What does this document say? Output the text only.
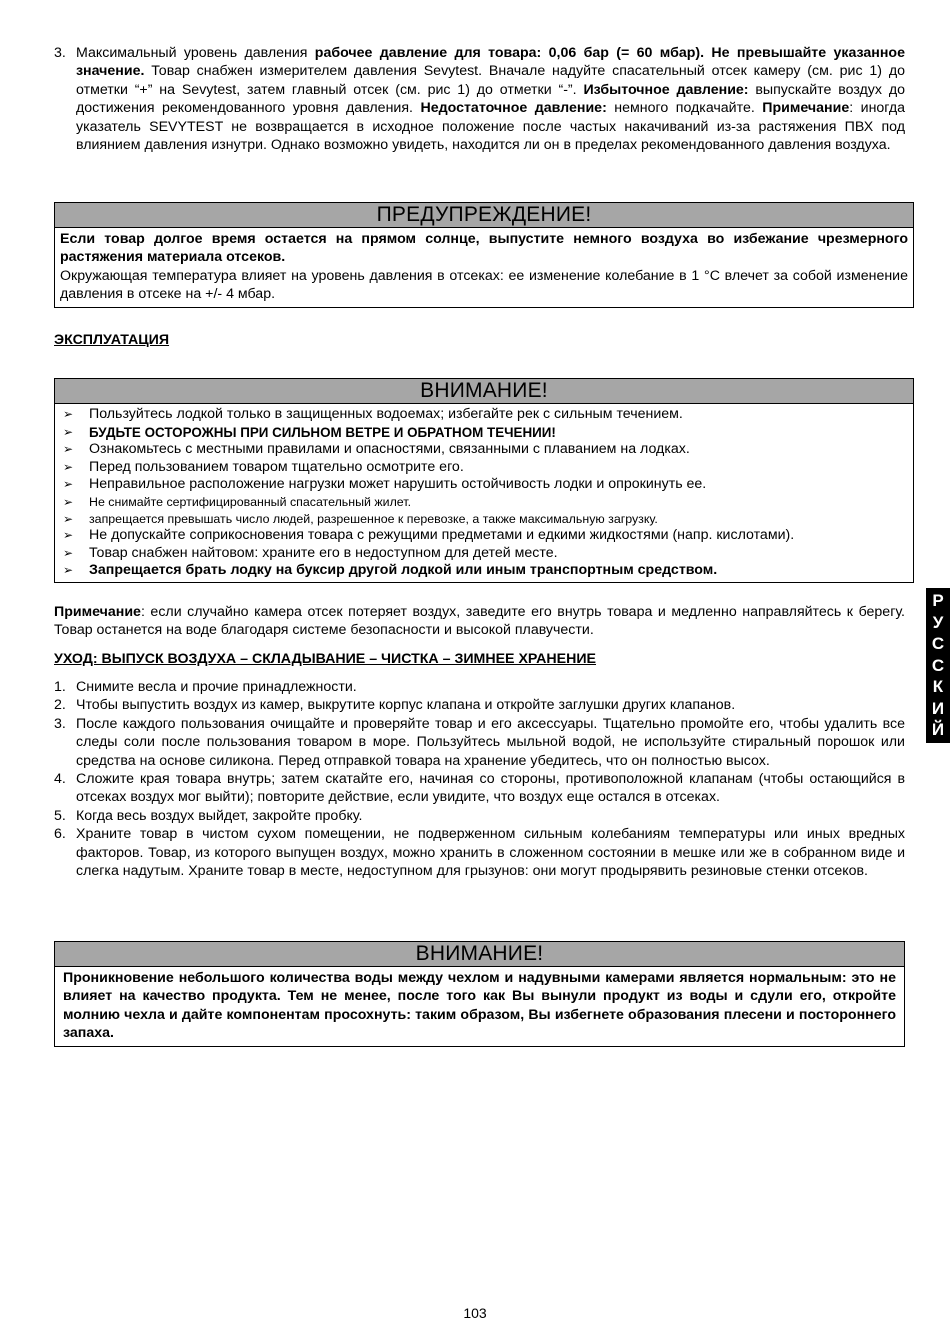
3. Максимальный уровень давления рабочее давление для товара: 0,06 бар (= 60 мбар). Не превышайте указанное значение. Товар снабжен измерителем давления Sevytest. Вначале надуйте спасательный отсек камеру (см. рис 1) до отметки “+” на Sevytest, затем главный отсек (см. рис 1) до отметки “-”. Избыточное давление: выпускайте воздух до достижения рекомендованного уровня давления. Недостаточное давление: немного подкачайте. Примечание: иногда указатель SEVYTEST не возвращается в исходное положение после частых накачиваний из-за растяжения ПВХ под влиянием давления изнутри. Однако возможно увидеть, находится ли он в пределах рекомендованного давления воздуха.
ПРЕДУПРЕЖДЕНИЕ!
Если товар долгое время остается на прямом солнце, выпустите немного воздуха во избежание чрезмерного растяжения материала отсеков.
Окружающая температура влияет на уровень давления в отсеках: ее изменение колебание в 1 °C влечет за собой изменение давления в отсеке на +/- 4 мбар.
ЭКСПЛУАТАЦИЯ
ВНИМАНИЕ!
➢	Пользуйтесь лодкой только в защищенных водоемах; избегайте рек с сильным течением.
➢	БУДЬТЕ ОСТОРОЖНЫ ПРИ СИЛЬНОМ ВЕТРЕ И ОБРАТНОМ ТЕЧЕНИИ!
➢	Ознакомьтесь с местными правилами и опасностями, связанными с плаванием на лодках.
➢	Перед пользованием товаром тщательно осмотрите его.
➢	Неправильное расположение нагрузки может нарушить остойчивость лодки и опрокинуть ее.
➢	Не снимайте сертифицированный спасательный жилет.
➢	запрещается превышать число людей, разрешенное к перевозке, а также максимальную загрузку.
➢	Не допускайте соприкосновения товара с режущими предметами и едкими жидкостями (напр. кислотами).
➢	Товар снабжен найтовом: храните его в недоступном для детей месте.
➢	Запрещается брать лодку на буксир другой лодкой или иным транспортным средством.
Примечание: если случайно камера отсек потеряет воздух, заведите его внутрь товара и медленно направляйтесь к берегу. Товар останется на воде благодаря системе безопасности и высокой плавучести.
УХОД: ВЫПУСК ВОЗДУХА – СКЛАДЫВАНИЕ – ЧИСТКА – ЗИМНЕЕ ХРАНЕНИЕ
1. Снимите весла и прочие принадлежности.
2. Чтобы выпустить воздух из камер, выкрутите корпус клапана и откройте заглушки других клапанов.
3. После каждого пользования очищайте и проверяйте товар и его аксессуары. Тщательно промойте его, чтобы удалить все следы соли после пользования товаром в море. Пользуйтесь мыльной водой, не используйте стиральный порошок или средства на основе силикона. Перед отправкой товара на хранение убедитесь, что он полностью высох.
4. Сложите края товара внутрь; затем скатайте его, начиная со стороны, противоположной клапанам (чтобы остающийся в отсеках воздух мог выйти); повторите действие, если увидите, что воздух еще остался в отсеках.
5. Когда весь воздух выйдет, закройте пробку.
6. Храните товар в чистом сухом помещении, не подверженном сильным колебаниям температуры или иных вредных факторов. Товар, из которого выпущен воздух, можно хранить в сложенном состоянии в мешке или же в собранном виде и слегка надутым. Храните товар в месте, недоступном для грызунов: они могут продырявить резиновые стенки отсеков.
ВНИМАНИЕ!
Проникновение небольшого количества воды между чехлом и надувными камерами является нормальным: это не влияет на качество продукта. Тем не менее, после того как Вы вынули продукт из воды и сдули его, откройте молнию чехла и дайте компонентам просохнуть: таким образом, Вы избегнете образования плесени и постороннего запаха.
Р
У
С
С
К
И
Й
103
